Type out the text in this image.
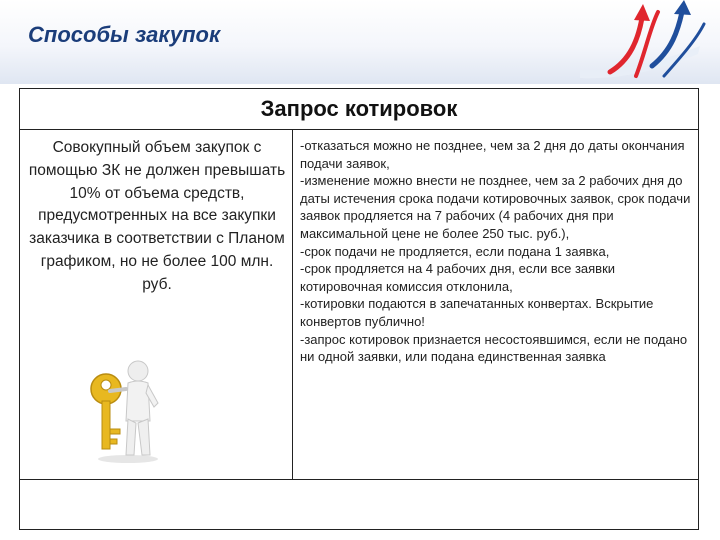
Способы закупок
Запрос котировок
Совокупный объем закупок с помощью ЗК не должен превышать 10% от объема средств, предусмотренных на все закупки заказчика в соответствии с Планом графиком, но не более 100 млн. руб.

-отказаться можно не позднее, чем за 2 дня до даты окончания подачи заявок,

-изменение можно внести не позднее, чем за 2 рабочих дня до даты истечения срока подачи котировочных заявок, срок подачи заявок продляется на 7 рабочих (4 рабочих дня при максимальной цене не более 250 тыс. руб.),

-срок подачи не продляется, если подана 1 заявка,

-срок продляется на 4 рабочих дня, если все заявки котировочная комиссия отклонила,

-котировки подаются в запечатанных конвертах. Вскрытие конвертов публично!

-запрос котировок признается несостоявшимся, если не подано ни одной заявки, или подана единственная заявка
